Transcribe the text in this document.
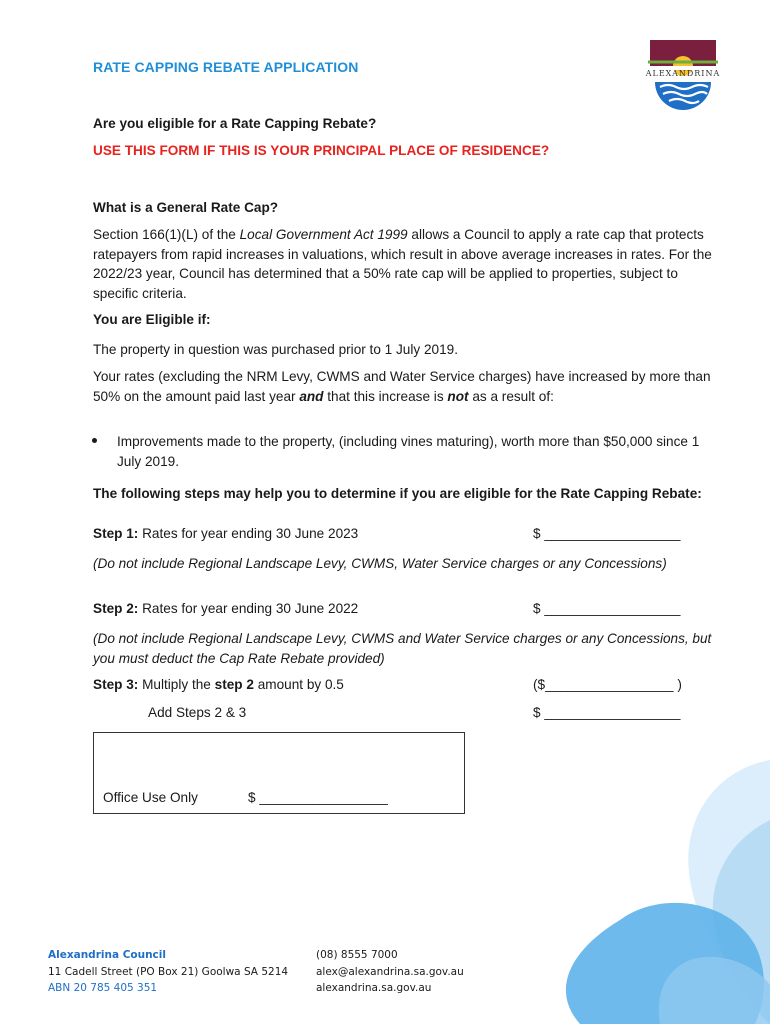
RATE CAPPING REBATE APPLICATION	ALEXANDRINA
Are you eligible for a Rate Capping Rebate?
USE THIS FORM IF THIS IS YOUR PRINCIPAL PLACE OF RESIDENCE?
What is a General Rate Cap?
Section 166(1)(L) of the Local Government Act 1999 allows a Council to apply a rate cap that protects ratepayers from rapid increases in valuations, which result in above average increases in rates. For the 2022/23 year, Council has determined that a 50% rate cap will be applied to properties, subject to specific criteria.
You are Eligible if:
The property in question was purchased prior to 1 July 2019.
Your rates (excluding the NRM Levy, CWMS and Water Service charges) have increased by more than 50% on the amount paid last year and that this increase is not as a result of:
Improvements made to the property, (including vines maturing), worth more than $50,000 since 1 July 2019.
The following steps may help you to determine if you are eligible for the Rate Capping Rebate:
Step 1: Rates for year ending 30 June 2023	$ __________________
(Do not include Regional Landscape Levy, CWMS, Water Service charges or any Concessions)
Step 2: Rates for year ending 30 June 2022	$ __________________
(Do not include Regional Landscape Levy, CWMS and Water Service charges or any Concessions, but you must deduct the Cap Rate Rebate provided)
Step 3: Multiply the step 2 amount by 0.5	($_________________ )
Add Steps 2 & 3	$ __________________
Office Use Only	$ _________________
Alexandrina Council
11 Cadell Street (PO Box 21) Goolwa SA 5214
ABN 20 785 405 351
(08) 8555 7000
alex@alexandrina.sa.gov.au
alexandrina.sa.gov.au
